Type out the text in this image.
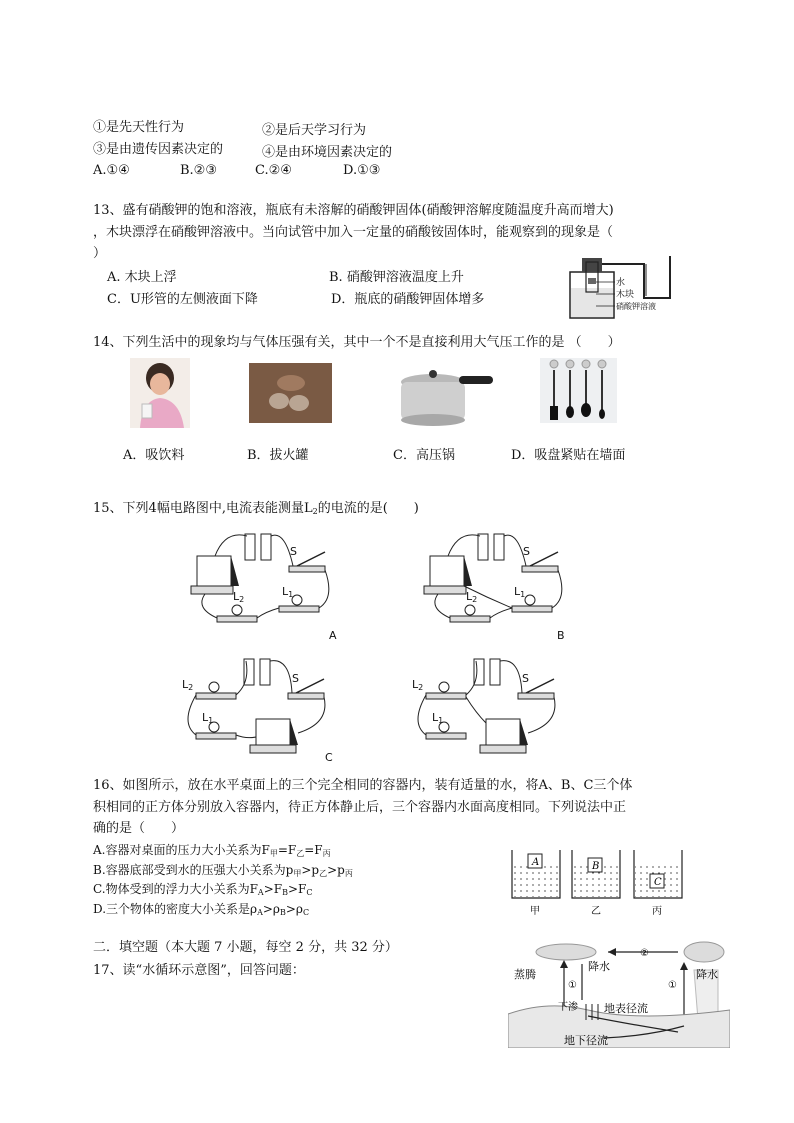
①是先天性行为	②是后天学习行为
③是由遗传因素决定的	④是由环境因素决定的
A.①④	B.②③	C.②④	D.①③
13、盛有硝酸钾的饱和溶液，瓶底有未溶解的硝酸钾固体(硝酸钾溶解度随温度升高而增大)
，木块漂浮在硝酸钾溶液中。当向试管中加入一定量的硝酸铵固体时，能观察到的现象是（
）
A. 木块上浮	B. 硝酸钾溶液温度上升
C．U形管的左侧液面下降	D．瓶底的硝酸钾固体增多
水
木块
硝酸钾溶液
14、下列生活中的现象均与气体压强有关，其中一个不是直接利用大气压工作的是 （　　）
A．吸饮料	B．拔火罐	C．高压锅	D．吸盘紧贴在墙面
15、下列4幅电路图中,电流表能测量$L_2$的电流的是(　　)
S
$L_2$
$L_1$
A
S
$L_2$
$L_1$
B
S
$L_2$
$L_1$
C
S
$L_2$
$L_1$
16、如图所示，放在水平桌面上的三个完全相同的容器内，装有适量的水，将A、B、C三个体
积相同的正方体分别放入容器内，待正方体静止后，三个容器内水面高度相同。下列说法中正
确的是（　　）
A.容器对桌面的压力大小关系为$F_甲=F_乙=F_丙$
B.容器底部受到水的压强大小关系为$p_甲>p_乙>p_丙$
C.物体受到的浮力大小关系为$F_A>F_B>F_C$
D.三个物体的密度大小关系是$\rho_A>\rho_B>\rho_C$
A	B
C
甲	乙	丙
二．填空题（本大题 7 小题，每空 2 分，共 32 分）
17、读“水循环示意图”，回答问题：	蒸腾
降水
降水
下渗 地表径流
地下径流
①
②
①
